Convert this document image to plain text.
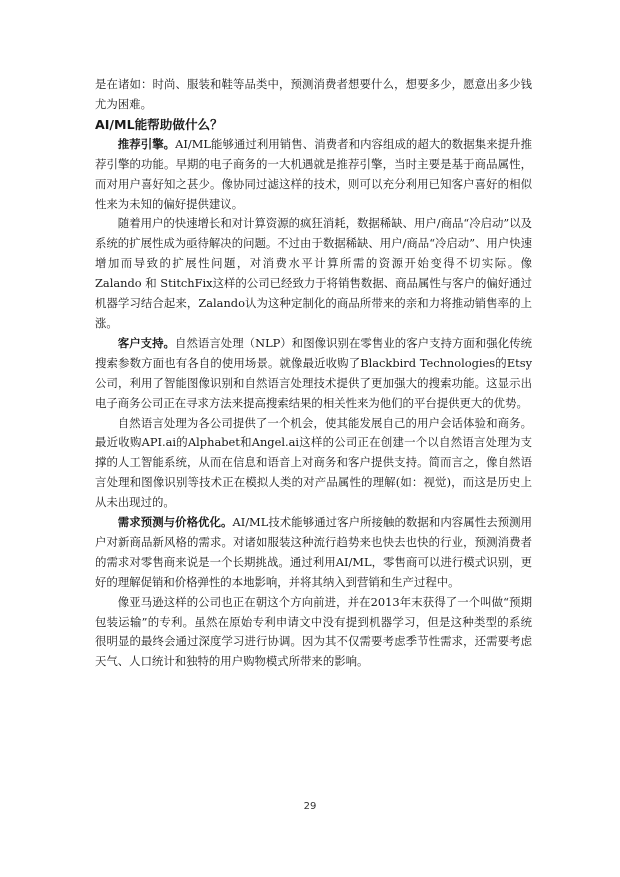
是在诸如：时尚、服装和鞋等品类中，预测消费者想要什么，想要多少，愿意出多少钱尤为困难。

AI/ML能帮助做什么？

推荐引擎。AI/ML能够通过利用销售、消费者和内容组成的超大的数据集来提升推荐引擎的功能。早期的电子商务的一大机遇就是推荐引擎，当时主要是基于商品属性，而对用户喜好知之甚少。像协同过滤这样的技术，则可以充分利用已知客户喜好的相似性来为未知的偏好提供建议。

随着用户的快速增长和对计算资源的疯狂消耗，数据稀缺、用户/商品“冷启动”以及系统的扩展性成为亟待解决的问题。不过由于数据稀缺、用户/商品“冷启动”、用户快速增加而导致的扩展性问题，对消费水平计算所需的资源开始变得不切实际。像 Zalando 和 StitchFix这样的公司已经致力于将销售数据、商品属性与客户的偏好通过机器学习结合起来，Zalando认为这种定制化的商品所带来的亲和力将推动销售率的上涨。

客户支持。自然语言处理（NLP）和图像识别在零售业的客户支持方面和强化传统搜索参数方面也有各自的使用场景。就像最近收购了Blackbird Technologies的Etsy公司，利用了智能图像识别和自然语言处理技术提供了更加强大的搜索功能。这显示出电子商务公司正在寻求方法来提高搜索结果的相关性来为他们的平台提供更大的优势。

自然语言处理为各公司提供了一个机会，使其能发展自己的用户会话体验和商务。最近收购API.ai的Alphabet和Angel.ai这样的公司正在创建一个以自然语言处理为支撑的人工智能系统，从而在信息和语音上对商务和客户提供支持。简而言之，像自然语言处理和图像识别等技术正在模拟人类的对产品属性的理解(如：视觉)，而这是历史上从未出现过的。

需求预测与价格优化。AI/ML技术能够通过客户所接触的数据和内容属性去预测用户对新商品新风格的需求。对诸如服装这种流行趋势来也快去也快的行业，预测消费者的需求对零售商来说是一个长期挑战。通过利用AI/ML，零售商可以进行模式识别，更好的理解促销和价格弹性的本地影响，并将其纳入到营销和生产过程中。

像亚马逊这样的公司也正在朝这个方向前进，并在2013年末获得了一个叫做“预期包装运输”的专利。虽然在原始专利申请文中没有提到机器学习，但是这种类型的系统很明显的最终会通过深度学习进行协调。因为其不仅需要考虑季节性需求，还需要考虑天气、人口统计和独特的用户购物模式所带来的影响。

29
